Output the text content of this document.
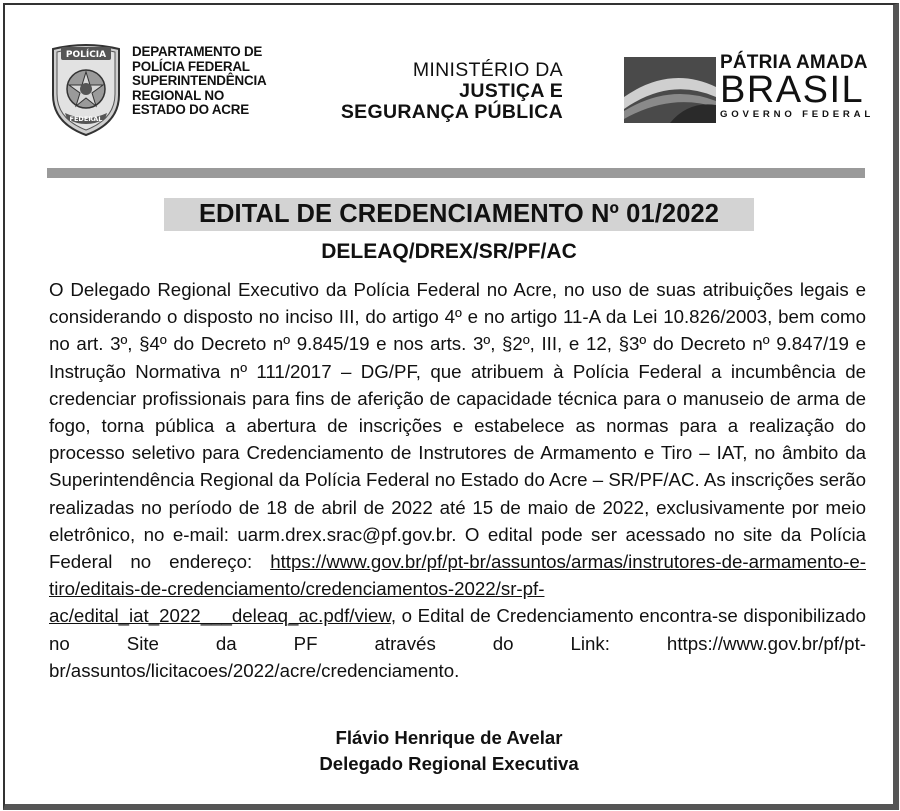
POLÍCIA
FEDERAL
DEPARTAMENTO DE
POLÍCIA FEDERAL
SUPERINTENDÊNCIA
REGIONAL NO
ESTADO DO ACRE
MINISTÉRIO DA
JUSTIÇA E
SEGURANÇA PÚBLICA
PÁTRIA AMADA
BRASIL
GOVERNO FEDERAL
EDITAL DE CREDENCIAMENTO Nº 01/2022
DELEAQ/DREX/SR/PF/AC
O Delegado Regional Executivo da Polícia Federal no Acre, no uso de suas atribuições legais e considerando o disposto no inciso III, do artigo 4º e no artigo 11-A da Lei 10.826/2003, bem como no art. 3º, §4º do Decreto nº 9.845/19 e nos arts. 3º, §2º, III, e 12, §3º do Decreto nº 9.847/19 e Instrução Normativa nº 111/2017 – DG/PF, que atribuem à Polícia Federal a incumbência de credenciar profissionais para fins de aferição de capacidade técnica para o manuseio de arma de fogo, torna pública a abertura de inscrições e estabelece as normas para a realização do processo seletivo para Credenciamento de Instrutores de Armamento e Tiro – IAT, no âmbito da Superintendência Regional da Polícia Federal no Estado do Acre – SR/PF/AC. As inscrições serão realizadas no período de 18 de abril de 2022 até 15 de maio de 2022, exclusivamente por meio eletrônico, no e-mail: uarm.drex.srac@pf.gov.br. O edital pode ser acessado no site da Polícia Federal no endereço: https://www.gov.br/pf/pt-br/assuntos/armas/instrutores-de-armamento-e-tiro/editais-de-credenciamento/credenciamentos-2022/sr-pf-ac/edital_iat_2022___deleaq_ac.pdf/view, o Edital de Credenciamento encontra-se disponibilizado no Site da PF através do Link: https://www.gov.br/pf/pt-br/assuntos/licitacoes/2022/acre/credenciamento.
Flávio Henrique de Avelar
Delegado Regional Executiva
